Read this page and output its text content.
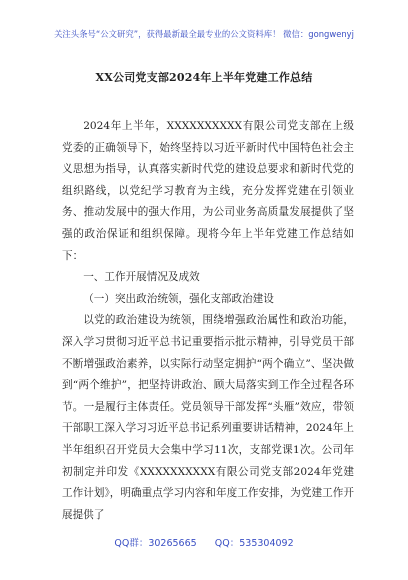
关注头条号“公文研究”，获得最新最全最专业的公文资料库！ 微信：gongwenyj
XX公司党支部2024年上半年党建工作总结

2024年上半年，XXXXXXXXXX有限公司党支部在上级党委的正确领导下，始终坚持以习近平新时代中国特色社会主义思想为指导，认真落实新时代党的建设总要求和新时代党的组织路线，以党纪学习教育为主线，充分发挥党建在引领业务、推动发展中的强大作用，为公司业务高质量发展提供了坚强的政治保证和组织保障。现将今年上半年党建工作总结如下：

一、工作开展情况及成效

（一）突出政治统领，强化支部政治建设

以党的政治建设为统领，围绕增强政治属性和政治功能，深入学习贯彻习近平总书记重要指示批示精神，引导党员干部不断增强政治素养，以实际行动坚定拥护“两个确立”、坚决做到“两个维护”，把坚持讲政治、顾大局落实到工作全过程各环节。一是履行主体责任。党员领导干部发挥“头雁”效应，带领干部职工深入学习习近平总书记系列重要讲话精神，2024年上半年组织召开党员大会集中学习11次，支部党课1次。公司年初制定并印发《XXXXXXXXXX有限公司党支部2024年党建工作计划》，明确重点学习内容和年度工作安排，为党建工作开展提供了

QQ群：30265665      QQ：535304092
